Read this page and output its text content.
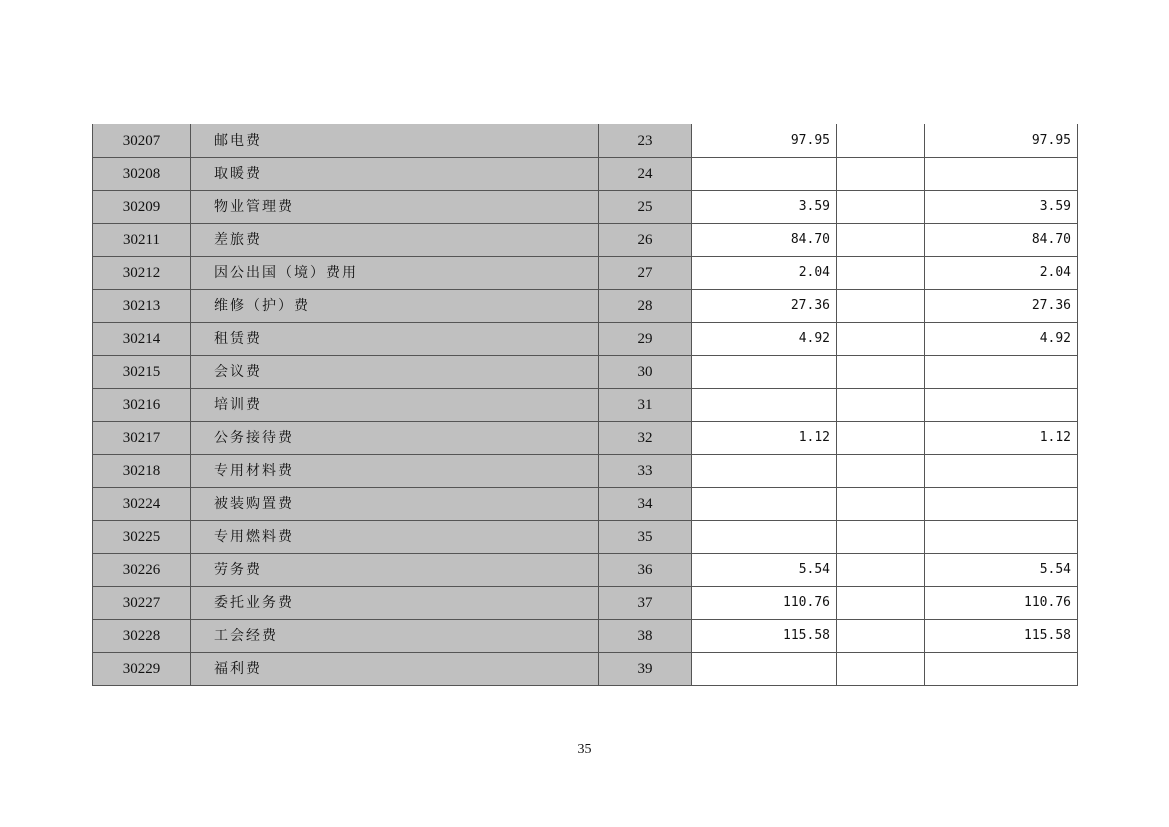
30207	邮电费	23	97.95		97.95
30208	取暖费	24			
30209	物业管理费	25	3.59		3.59
30211	差旅费	26	84.70		84.70
30212	因公出国（境）费用	27	2.04		2.04
30213	维修（护）费	28	27.36		27.36
30214	租赁费	29	4.92		4.92
30215	会议费	30			
30216	培训费	31			
30217	公务接待费	32	1.12		1.12
30218	专用材料费	33			
30224	被装购置费	34			
30225	专用燃料费	35			
30226	劳务费	36	5.54		5.54
30227	委托业务费	37	110.76		110.76
30228	工会经费	38	115.58		115.58
30229	福利费	39			
35
